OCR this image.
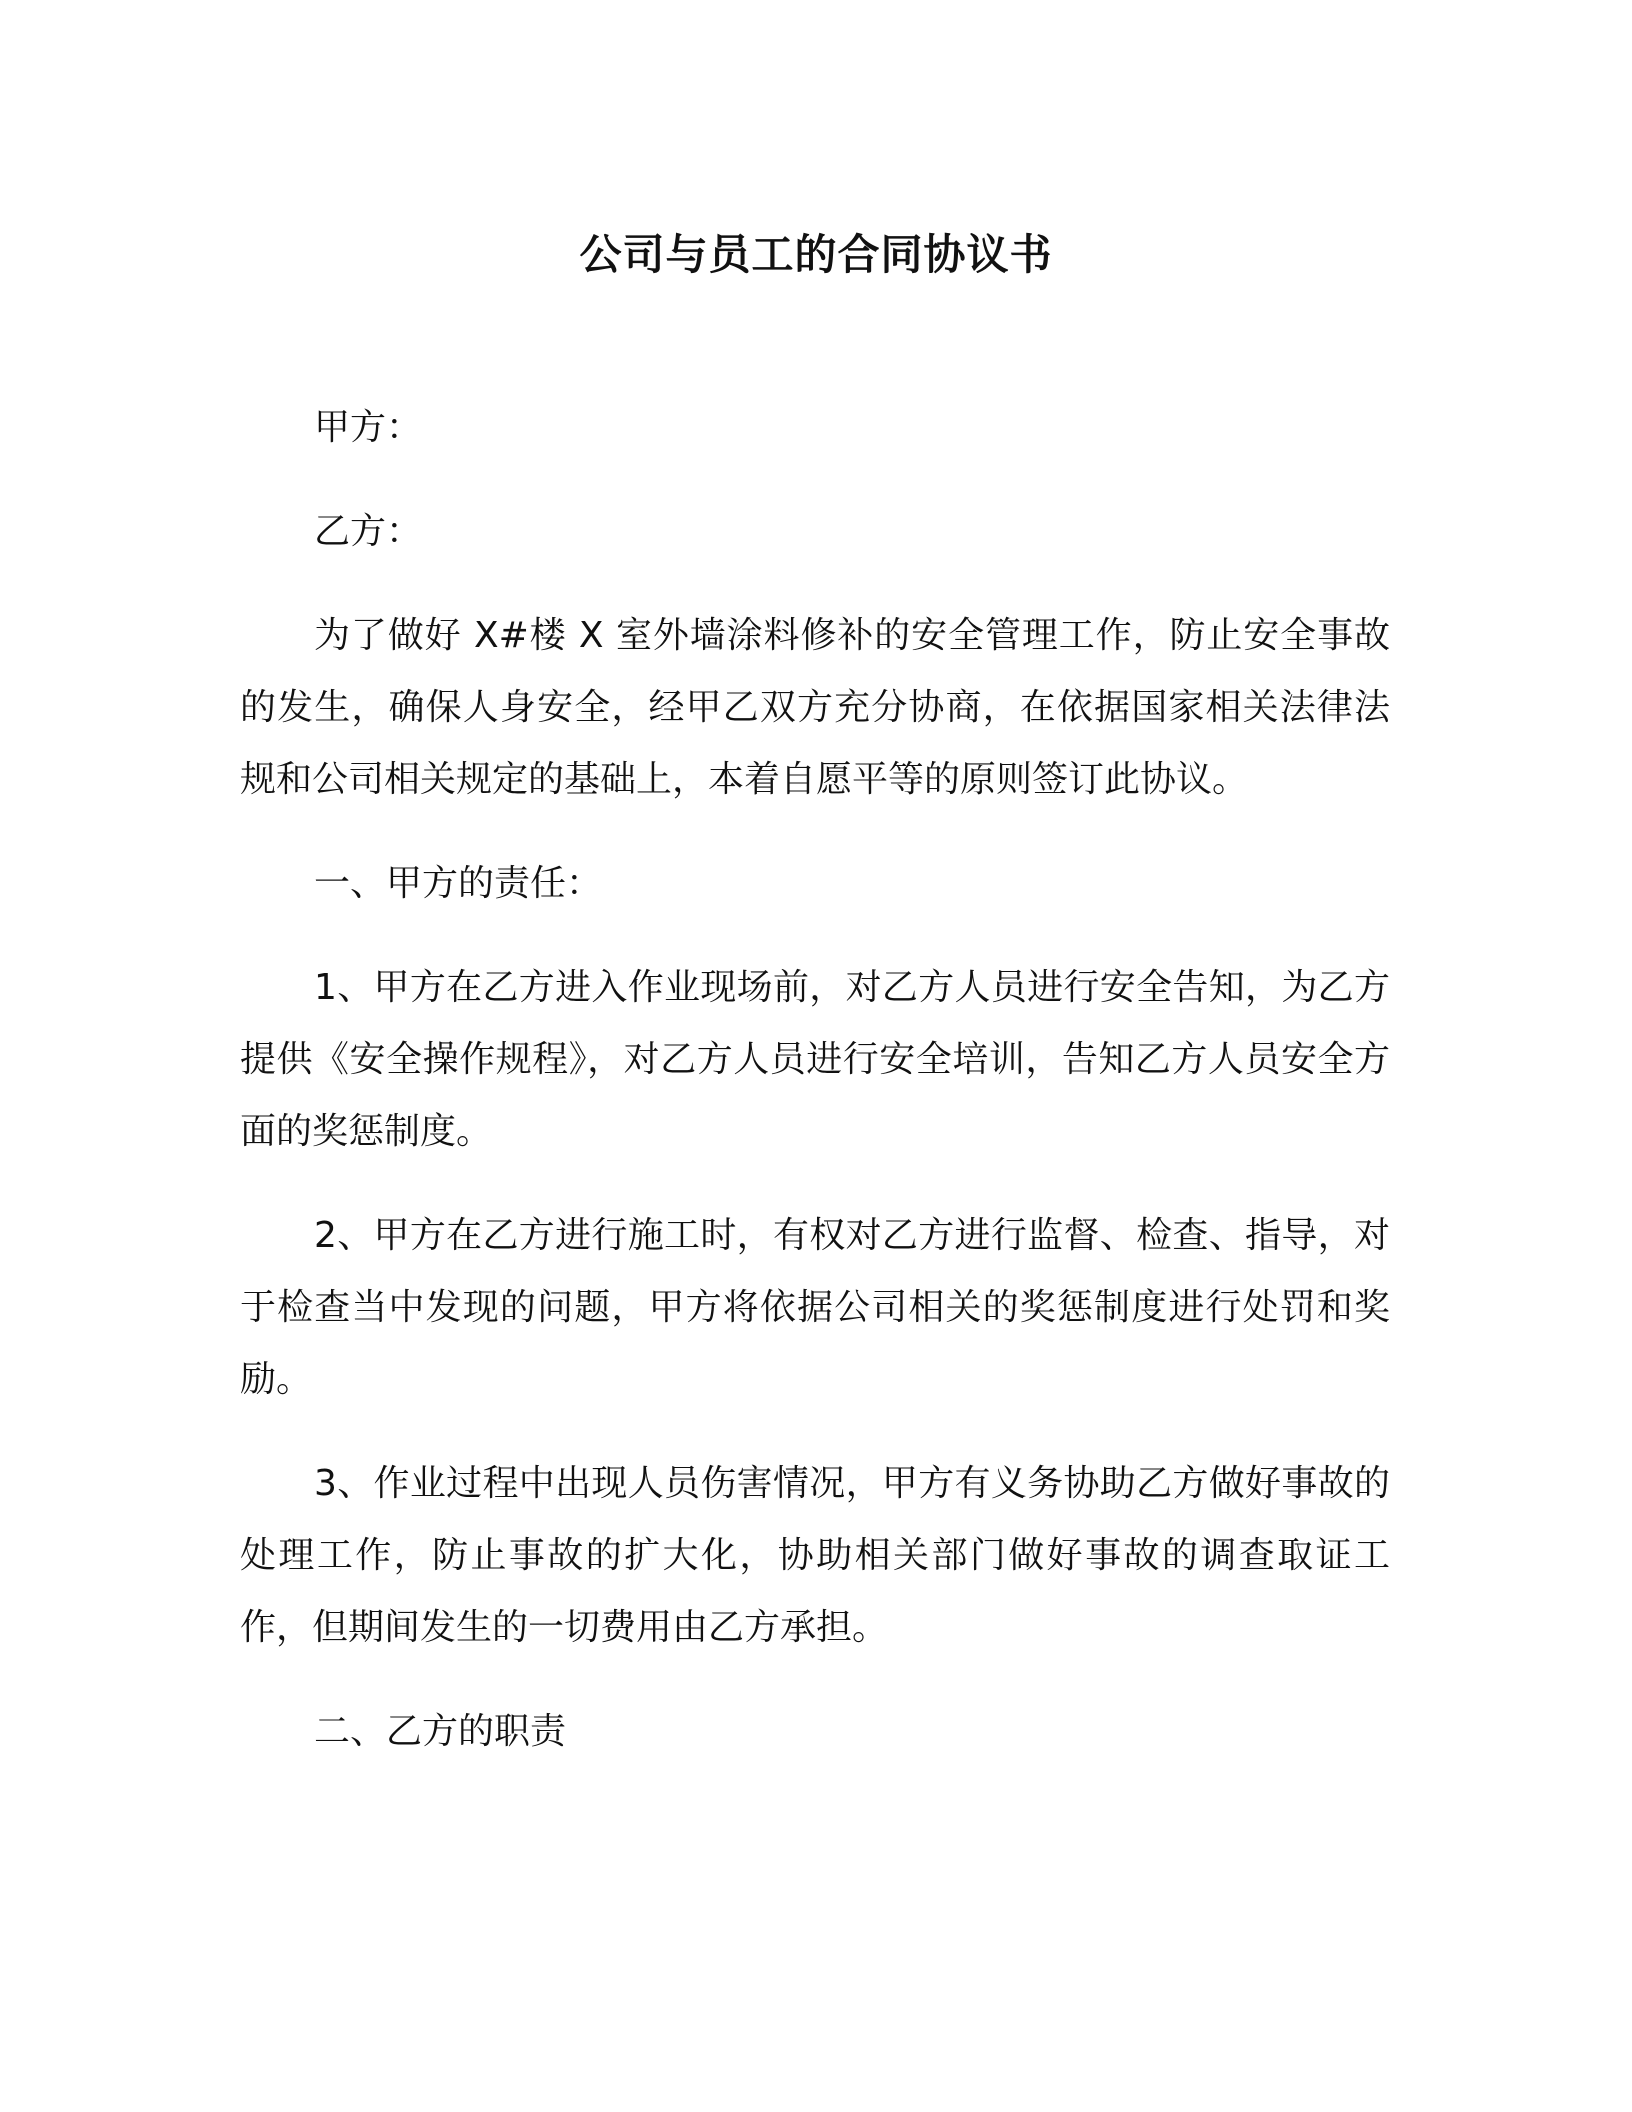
公司与员工的合同协议书

甲方：

乙方：

为了做好 X#楼 X 室外墙涂料修补的安全管理工作，防止安全事故的发生，确保人身安全，经甲乙双方充分协商，在依据国家相关法律法规和公司相关规定的基础上，本着自愿平等的原则签订此协议。

一、甲方的责任：

1、甲方在乙方进入作业现场前，对乙方人员进行安全告知，为乙方提供《安全操作规程》，对乙方人员进行安全培训，告知乙方人员安全方面的奖惩制度。

2、甲方在乙方进行施工时，有权对乙方进行监督、检查、指导，对于检查当中发现的问题，甲方将依据公司相关的奖惩制度进行处罚和奖励。

3、作业过程中出现人员伤害情况，甲方有义务协助乙方做好事故的处理工作，防止事故的扩大化，协助相关部门做好事故的调查取证工作，但期间发生的一切费用由乙方承担。

二、乙方的职责
